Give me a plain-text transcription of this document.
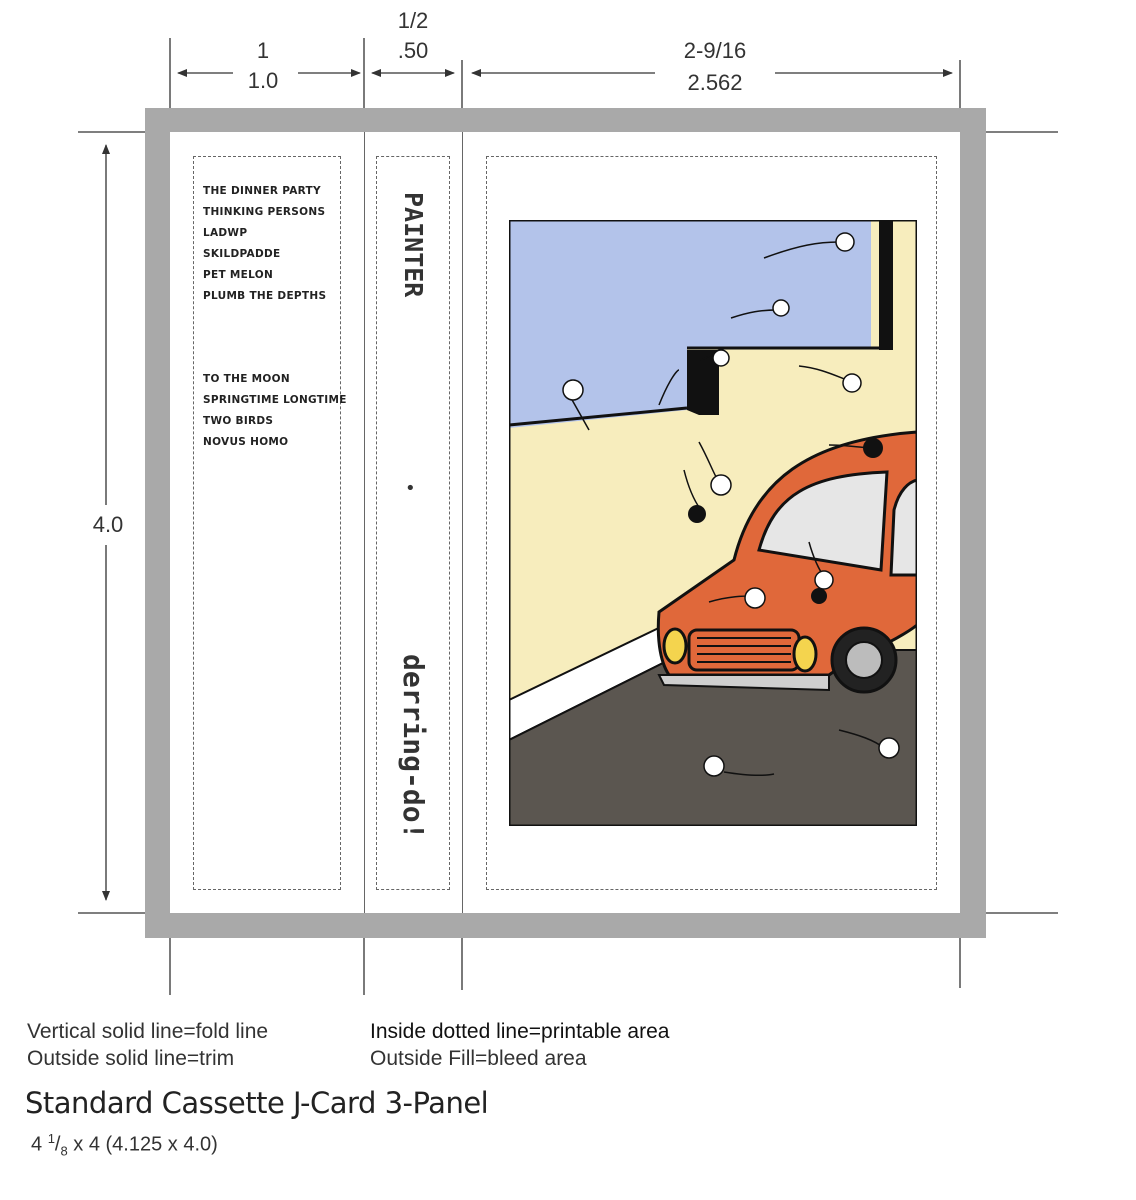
1
1.0
1/2
.50	2-9/16
2.562
4.0
THE DINNER PARTY
THINKING PERSONS
LADWP
SKILDPADDE
PET MELON
PLUMB THE DEPTHS
TO THE MOON
SPRINGTIME LONGTIME
TWO BIRDS
NOVUS HOMO
PAINTER
•
derring-do!
Vertical solid line=fold line
Outside solid line=trim
Inside dotted line=printable area
Outside Fill=bleed area
Standard Cassette J-Card 3-Panel
4 $^1/_8$ x 4 (4.125 x 4.0)
